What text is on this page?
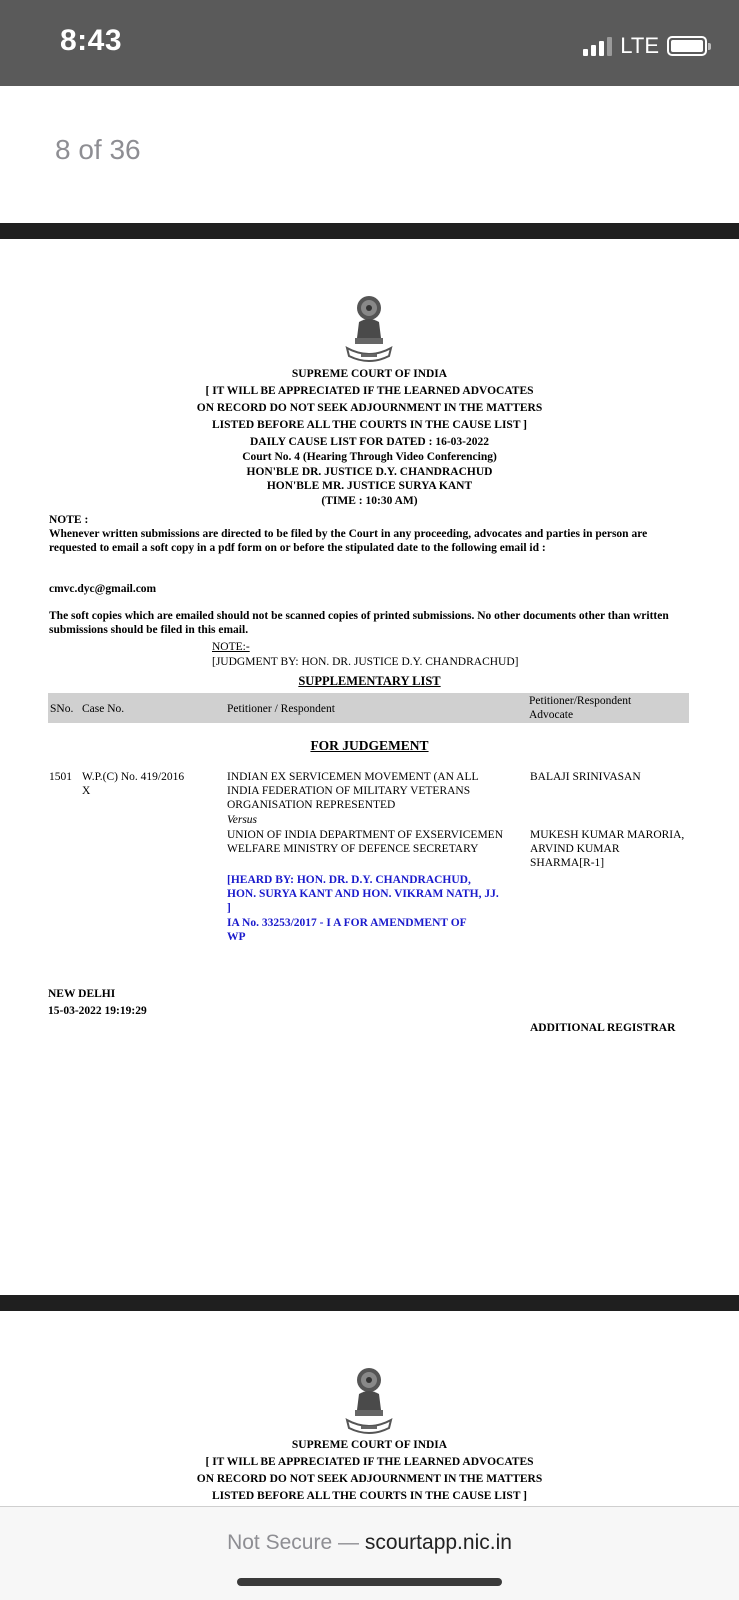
8:43	LTE
8 of 36
SUPREME COURT OF INDIA
[ IT WILL BE APPRECIATED IF THE LEARNED ADVOCATES
ON RECORD DO NOT SEEK ADJOURNMENT IN THE MATTERS
LISTED BEFORE ALL THE COURTS IN THE CAUSE LIST ]
DAILY CAUSE LIST FOR DATED : 16-03-2022
Court No. 4 (Hearing Through Video Conferencing)
HON'BLE DR. JUSTICE D.Y. CHANDRACHUD
HON'BLE MR. JUSTICE SURYA KANT
(TIME : 10:30 AM)
NOTE :
Whenever written submissions are directed to be filed by the Court in any proceeding, advocates and parties in person are requested to email a soft copy in a pdf form on or before the stipulated date to the following email id :
cmvc.dyc@gmail.com
The soft copies which are emailed should not be scanned copies of printed submissions. No other documents other than written submissions should be filed in this email.
NOTE:-
[JUDGMENT BY: HON. DR. JUSTICE D.Y. CHANDRACHUD]
SUPPLEMENTARY LIST
SNo. Case No.	Petitioner / Respondent
Petitioner/Respondent
Advocate
FOR JUDGEMENT
1501 W.P.(C) No. 419/2016
X
INDIAN EX SERVICEMEN MOVEMENT (AN ALL
INDIA FEDERATION OF MILITARY VETERANS
ORGANISATION REPRESENTED
Versus
UNION OF INDIA DEPARTMENT OF EXSERVICEMEN
WELFARE MINISTRY OF DEFENCE SECRETARY
BALAJI SRINIVASAN
MUKESH KUMAR MARORIA,
ARVIND KUMAR
SHARMA[R-1]
[HEARD BY: HON. DR. D.Y. CHANDRACHUD,
HON. SURYA KANT AND HON. VIKRAM NATH, JJ.
]
IA No. 33253/2017 - I A FOR AMENDMENT OF
WP
NEW DELHI
15-03-2022 19:19:29
ADDITIONAL REGISTRAR
SUPREME COURT OF INDIA
[ IT WILL BE APPRECIATED IF THE LEARNED ADVOCATES
ON RECORD DO NOT SEEK ADJOURNMENT IN THE MATTERS
LISTED BEFORE ALL THE COURTS IN THE CAUSE LIST ]
Not Secure — scourtapp.nic.in
